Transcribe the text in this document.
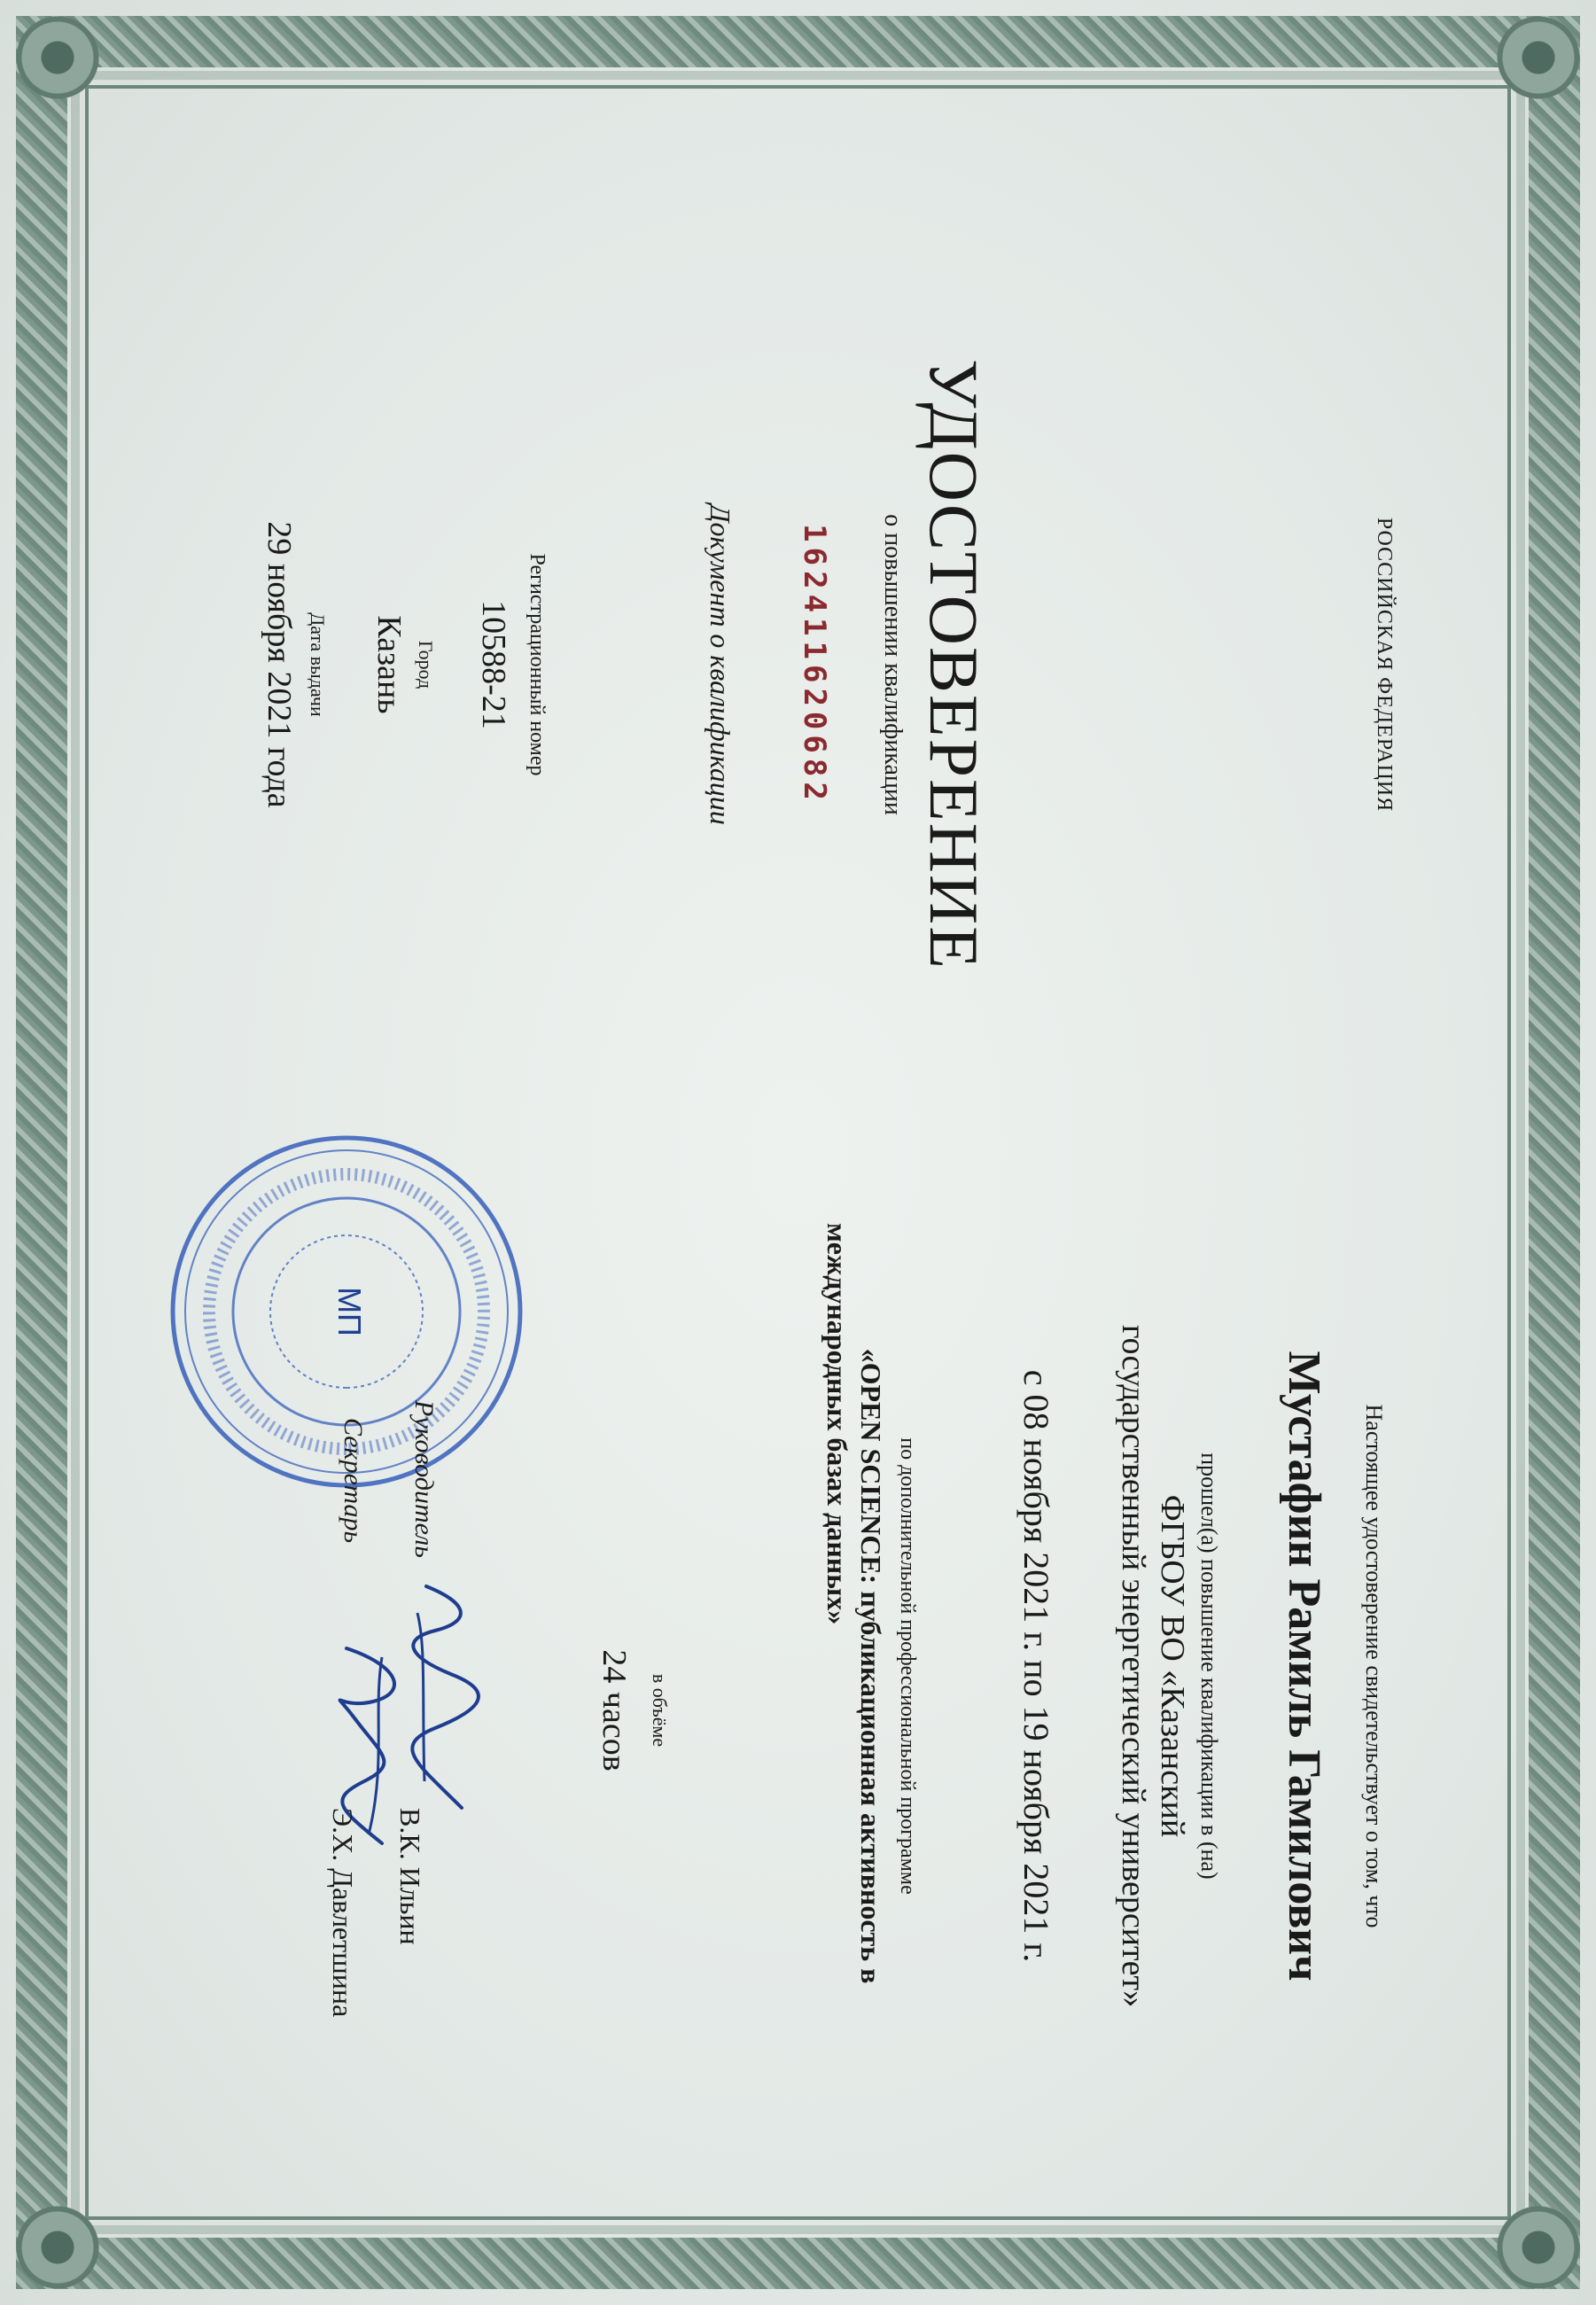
РОССИЙСКАЯ ФЕДЕРАЦИЯ
УДОСТОВЕРЕНИЕ
о повышении квалификации
162411620682
Документ о квалификации
Регистрационный номер
10588-21
Город
Казань
Дата выдачи
29 ноября 2021 года
Настоящее удостоверение свидетельствует о том, что
Мустафин Рамиль Гамилович
прошел(а) повышение квалификации в (на)
ФГБОУ ВО «Казанский
государственный энергетический университет»
с 08 ноября 2021 г. по 19 ноября 2021 г.
по дополнительной профессиональной программе
«OPEN SCIENCE: публикационная активность в
международных базах данных»
в объёме
24 часов
МП
Руководитель
В.К. Ильин
Секретарь
Э.Х. Давлетшина
